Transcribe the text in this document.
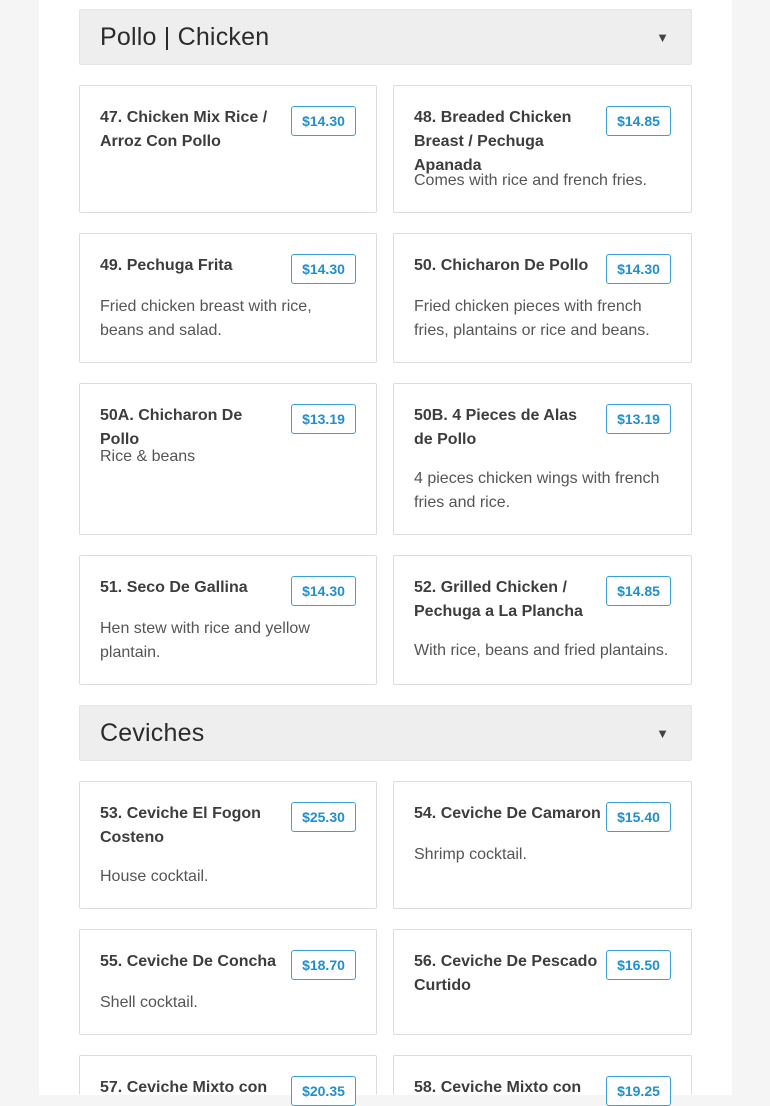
Pollo | Chicken	▼
47. Chicken Mix Rice / Arroz Con Pollo
$14.30	48. Breaded Chicken Breast / Pechuga Apanada
$14.85
Comes with rice and french fries.
49. Pechuga Frita	$14.30
Fried chicken breast with rice, beans and salad.
50. Chicharon De Pollo	$14.30
Fried chicken pieces with french fries, plantains or rice and beans.
50A. Chicharon De Pollo
$13.19
Rice & beans
50B. 4 Pieces de Alas de Pollo
$13.19
4 pieces chicken wings with french fries and rice.
51. Seco De Gallina	$14.30
Hen stew with rice and yellow plantain.
52. Grilled Chicken / Pechuga a La Plancha
$14.85
With rice, beans and fried plantains.
Ceviches	▼
53. Ceviche El Fogon Costeno
$25.30
House cocktail.
54. Ceviche De Camaron	$15.40
Shrimp cocktail.
55. Ceviche De Concha	$18.70
Shell cocktail.
56. Ceviche De Pescado Curtido
$16.50
57. Ceviche Mixto con	$20.35	58. Ceviche Mixto con	$19.25
